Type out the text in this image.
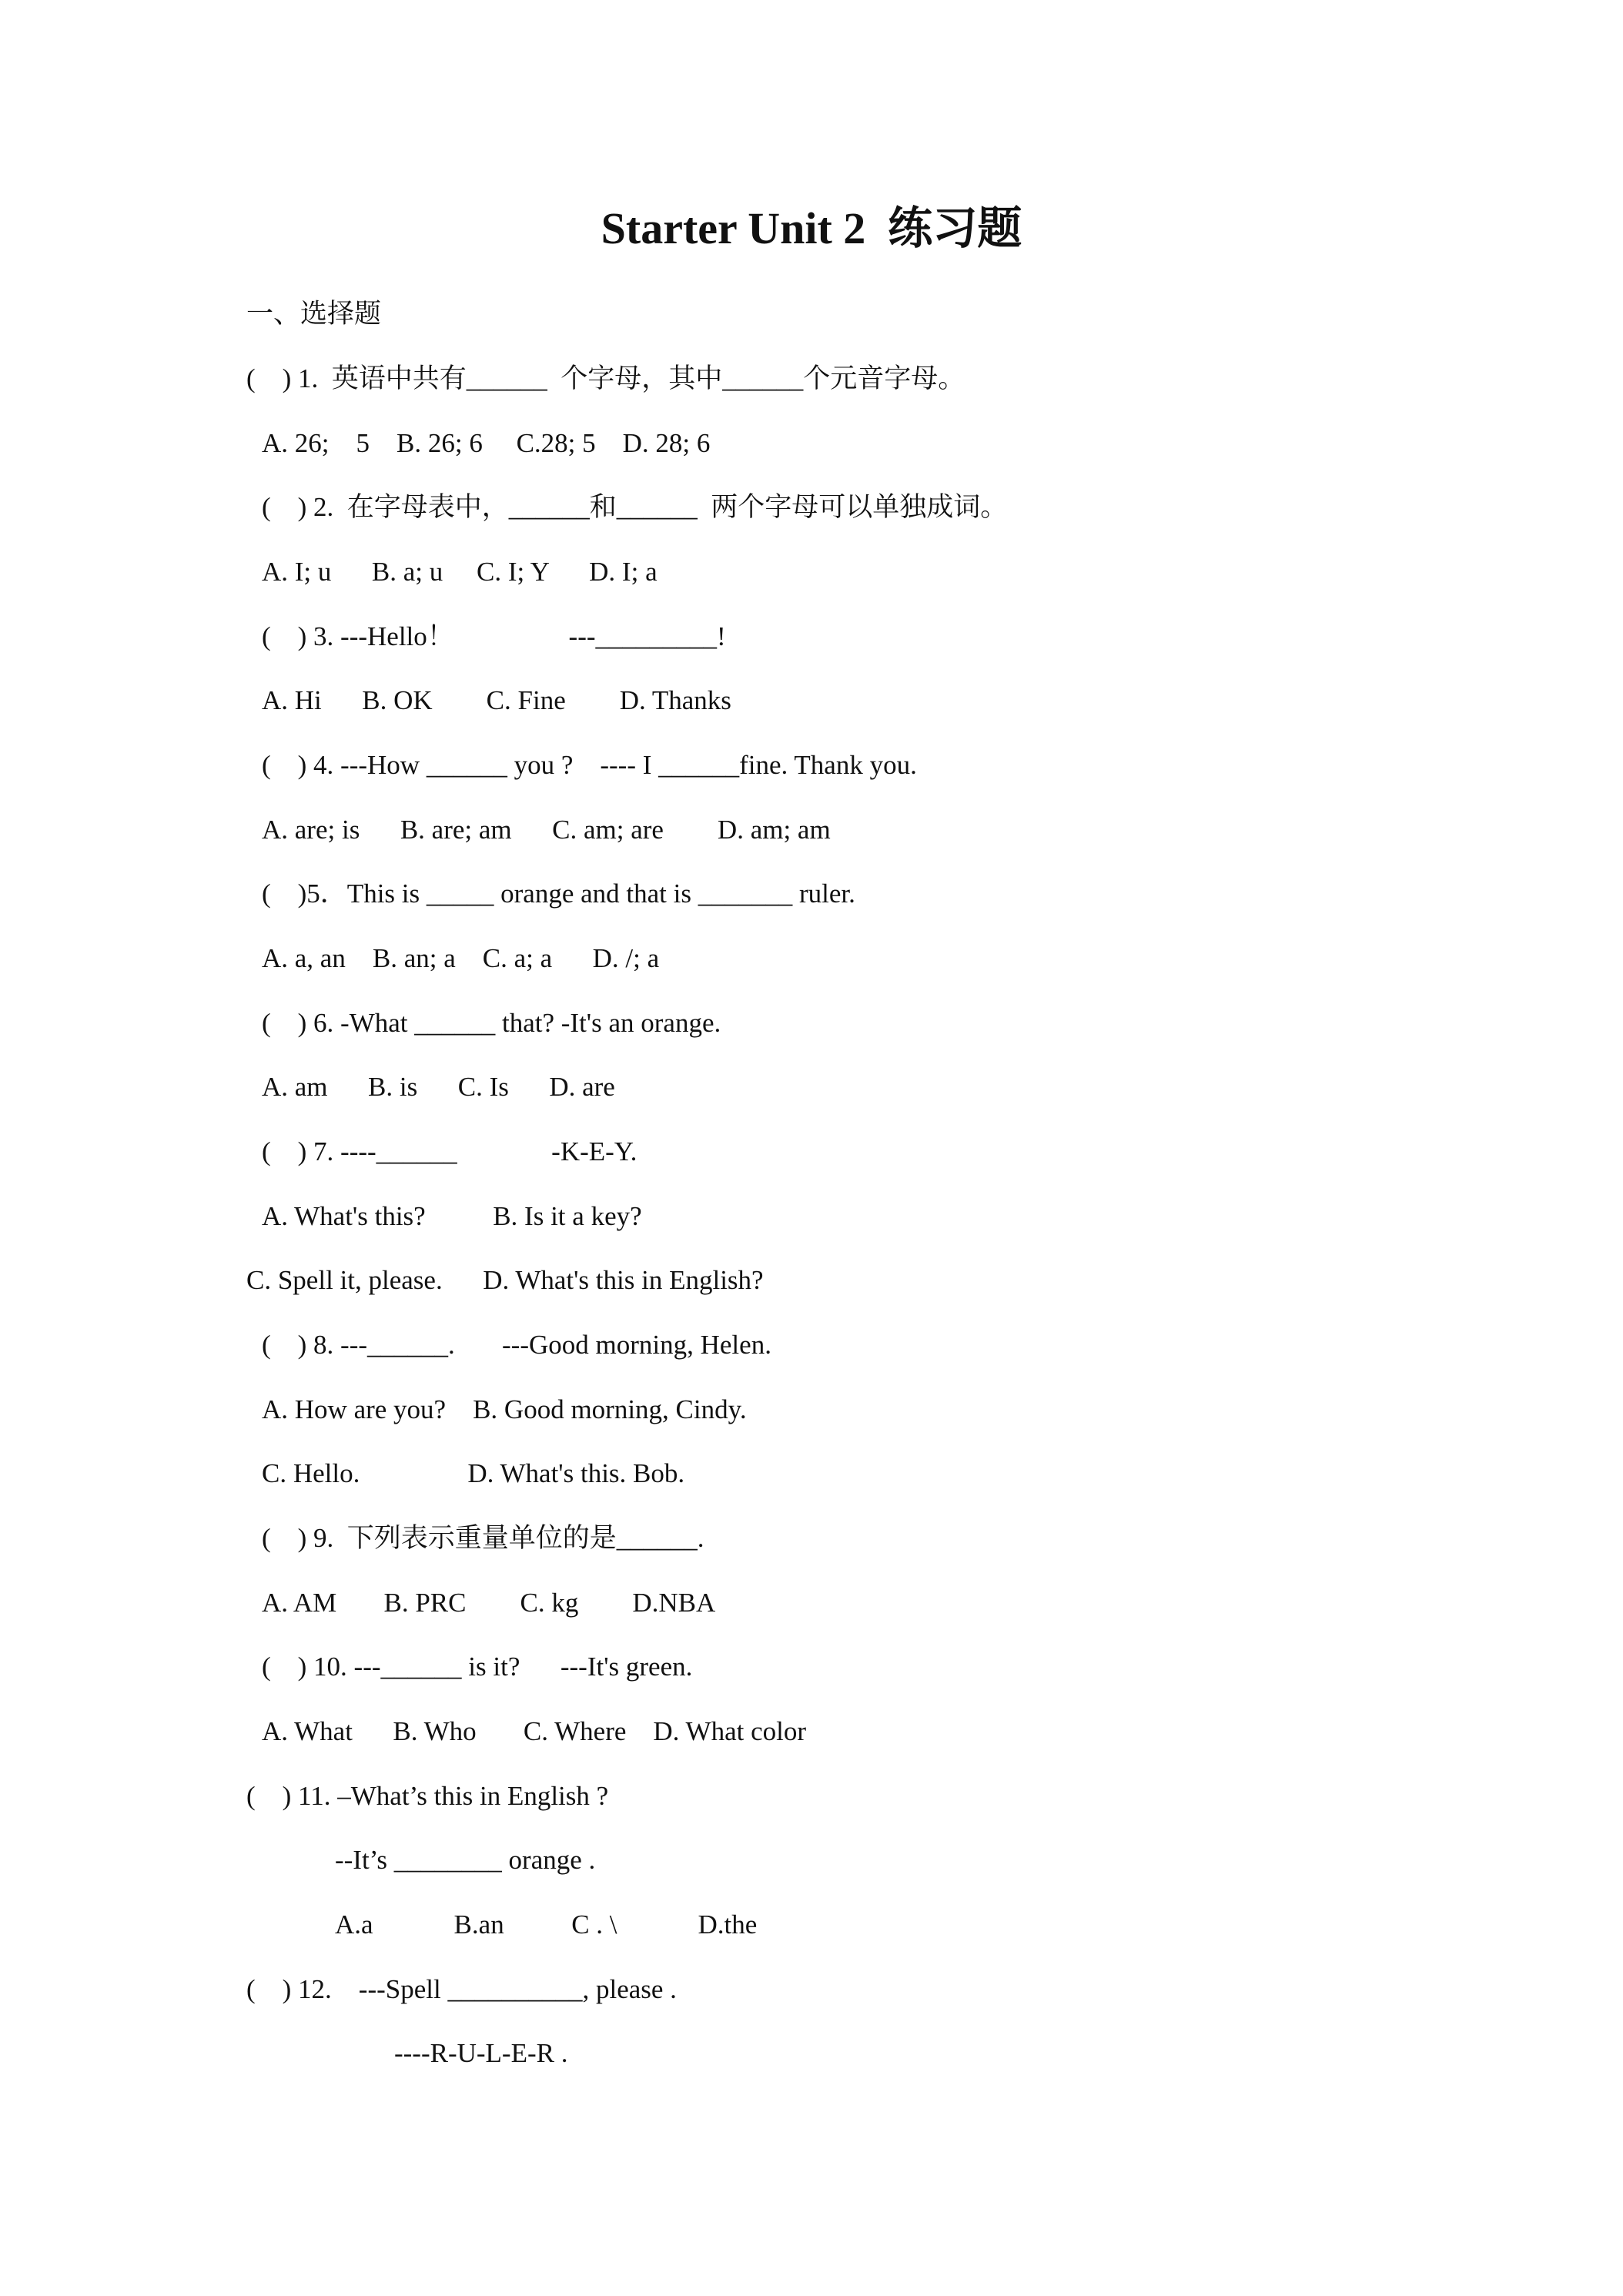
Starter Unit 2  练习题
一、选择题
(    ) 1.  英语中共有______  个字母，其中______个元音字母。
A. 26;    5    B. 26; 6     C.28; 5    D. 28; 6
(    ) 2.  在字母表中，______和______  两个字母可以单独成词。
A. I; u      B. a; u     C. I; Y      D. I; a
(    ) 3. ---Hello！                 ---_________!
A. Hi      B. OK        C. Fine        D. Thanks
(    ) 4. ---How ______ you ?    ---- I ______fine. Thank you.
A. are; is      B. are; am      C. am; are        D. am; am
(    )5．This is _____ orange and that is _______ ruler.
A. a, an    B. an; a    C. a; a      D. /; a
(    ) 6. -What ______ that? -It's an orange.
A. am      B. is      C. Is      D. are
(    ) 7. ----______              -K-E-Y.
A. What's this?          B. Is it a key?
C. Spell it, please.      D. What's this in English?
(    ) 8. ---______.       ---Good morning, Helen.
A. How are you?    B. Good morning, Cindy.
C. Hello.                D. What's this. Bob.
(    ) 9.  下列表示重量单位的是______.
A. AM       B. PRC        C. kg        D.NBA
(    ) 10. ---______ is it?      ---It's green.
A. What      B. Who       C. Where    D. What color
(    ) 11. –What’s this in English ?
--It’s ________ orange .
A.a            B.an          C . \            D.the
(    ) 12.    ---Spell __________, please .
----R-U-L-E-R .
